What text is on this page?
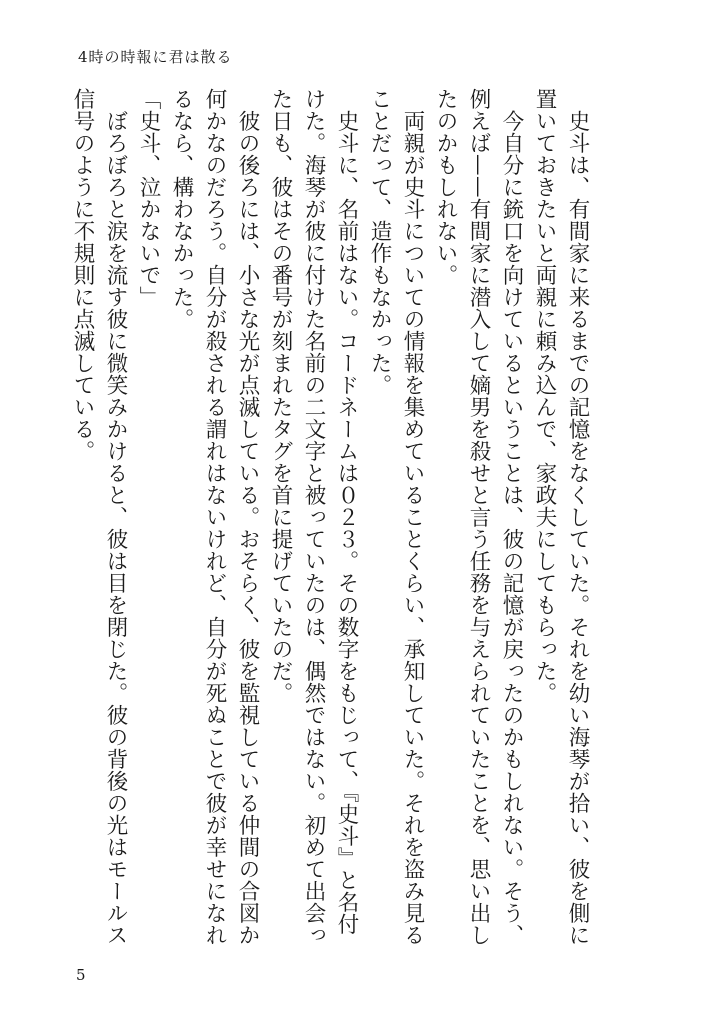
4時の時報に君は散る

史斗は、有間家に来るまでの記憶をなくしていた。それを幼い海琴が拾い、彼を側に置いておきたいと両親に頼み込んで、家政夫にしてもらった。

今自分に銃口を向けているということは、彼の記憶が戻ったのかもしれない。そう、例えば——有間家に潜入して嫡男を殺せと言う任務を与えられていたことを、思い出したのかもしれない。

両親が史斗についての情報を集めていることくらい、承知していた。それを盗み見ることだって、造作もなかった。

史斗に、名前はない。コードネームは０２３。その数字をもじって、『史斗』と名付けた。海琴が彼に付けた名前の二文字と被っていたのは、偶然ではない。初めて出会った日も、彼はその番号が刻まれたタグを首に提げていたのだ。

彼の後ろには、小さな光が点滅している。おそらく、彼を監視している仲間の合図か何かなのだろう。自分が殺される謂れはないけれど、自分が死ぬことで彼が幸せになれるなら、構わなかった。

「史斗、泣かないで」

ぼろぼろと涙を流す彼に微笑みかけると、彼は目を閉じた。彼の背後の光はモールス信号のように不規則に点滅している。

5
